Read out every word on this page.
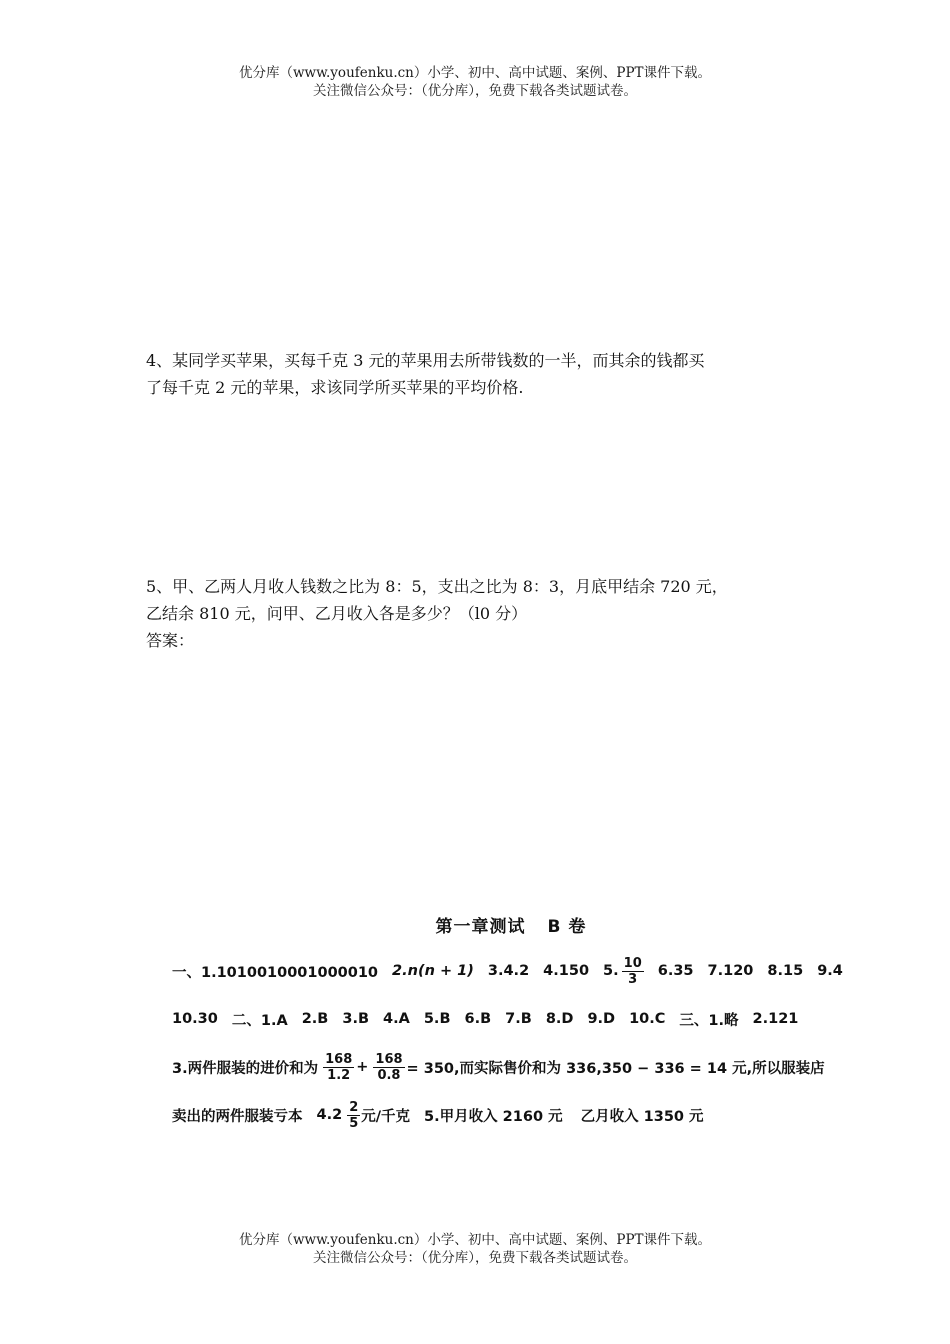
优分库（www.youfenku.cn）小学、初中、高中试题、案例、PPT课件下载。
关注微信公众号：（优分库），免费下载各类试题试卷。

4、某同学买苹果，买每千克 3 元的苹果用去所带钱数的一半，而其余的钱都买

了每千克 2 元的苹果，求该同学所买苹果的平均价格.

5、甲、乙两人月收人钱数之比为 8：5，支出之比为 8：3，月底甲结余 720 元，

乙结余 810 元，问甲、乙月收入各是多少？（l0 分）

答案：

第一章测试 B 卷
一、1.1010010001000010 2.n(n + 1) 3.4.2 4.150 5. $\frac{10}{3} 6.35$ 7.120 8.15 9.4
10.30 二、1.A 2.B 3.B 4.A 5.B 6.B 7.B 8.D 9.D 10.C 三、1.略 2.121
3.两件服装的进价和为 $\frac{168}{1.2} + \frac{168}{0.8} = 350$,而实际售价和为 336,350 − 336 = 14 元,所以服装店
卖出的两件服装亏本 $4.2 \frac{2}{5}$ 元/千克 5.甲月收入 2160 元 乙月收入 1350 元
优分库（www.youfenku.cn）小学、初中、高中试题、案例、PPT课件下载。
关注微信公众号：（优分库），免费下载各类试题试卷。
